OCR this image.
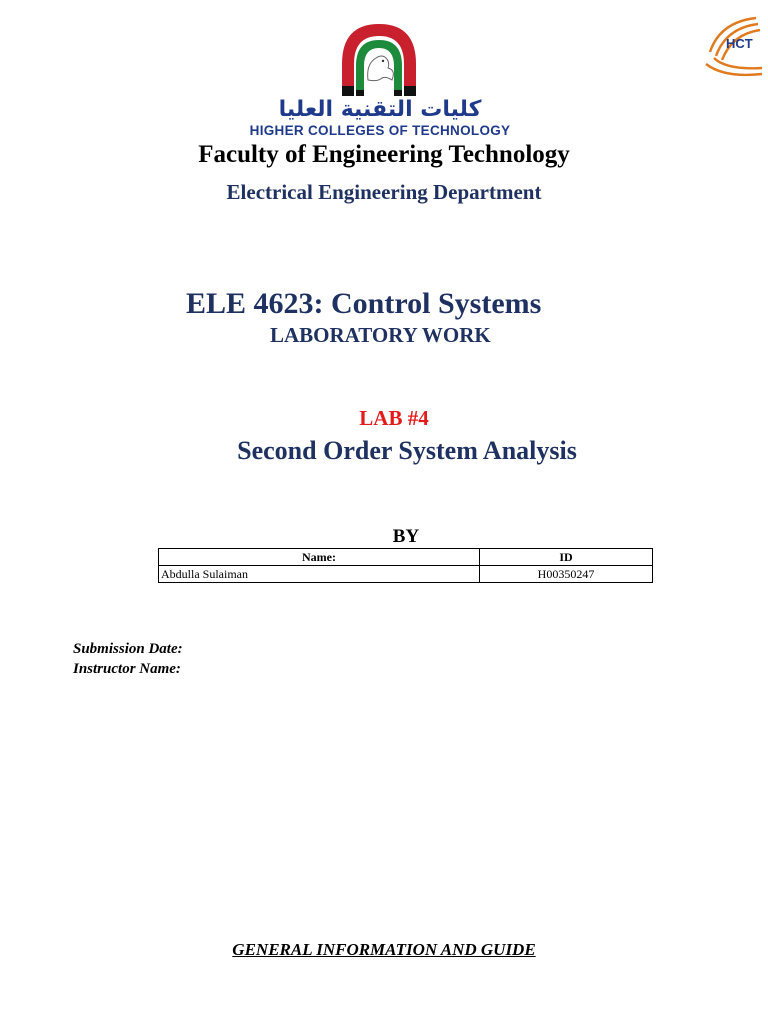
كليات التقنية العليا
HIGHER COLLEGES OF TECHNOLOGY
HCT
Faculty of Engineering Technology
Electrical Engineering Department
ELE 4623: Control Systems
LABORATORY WORK
LAB #4
Second Order System Analysis
BY
Name:	ID
Abdulla Sulaiman	H00350247
Submission Date:
Instructor Name:
GENERAL INFORMATION AND GUIDE
